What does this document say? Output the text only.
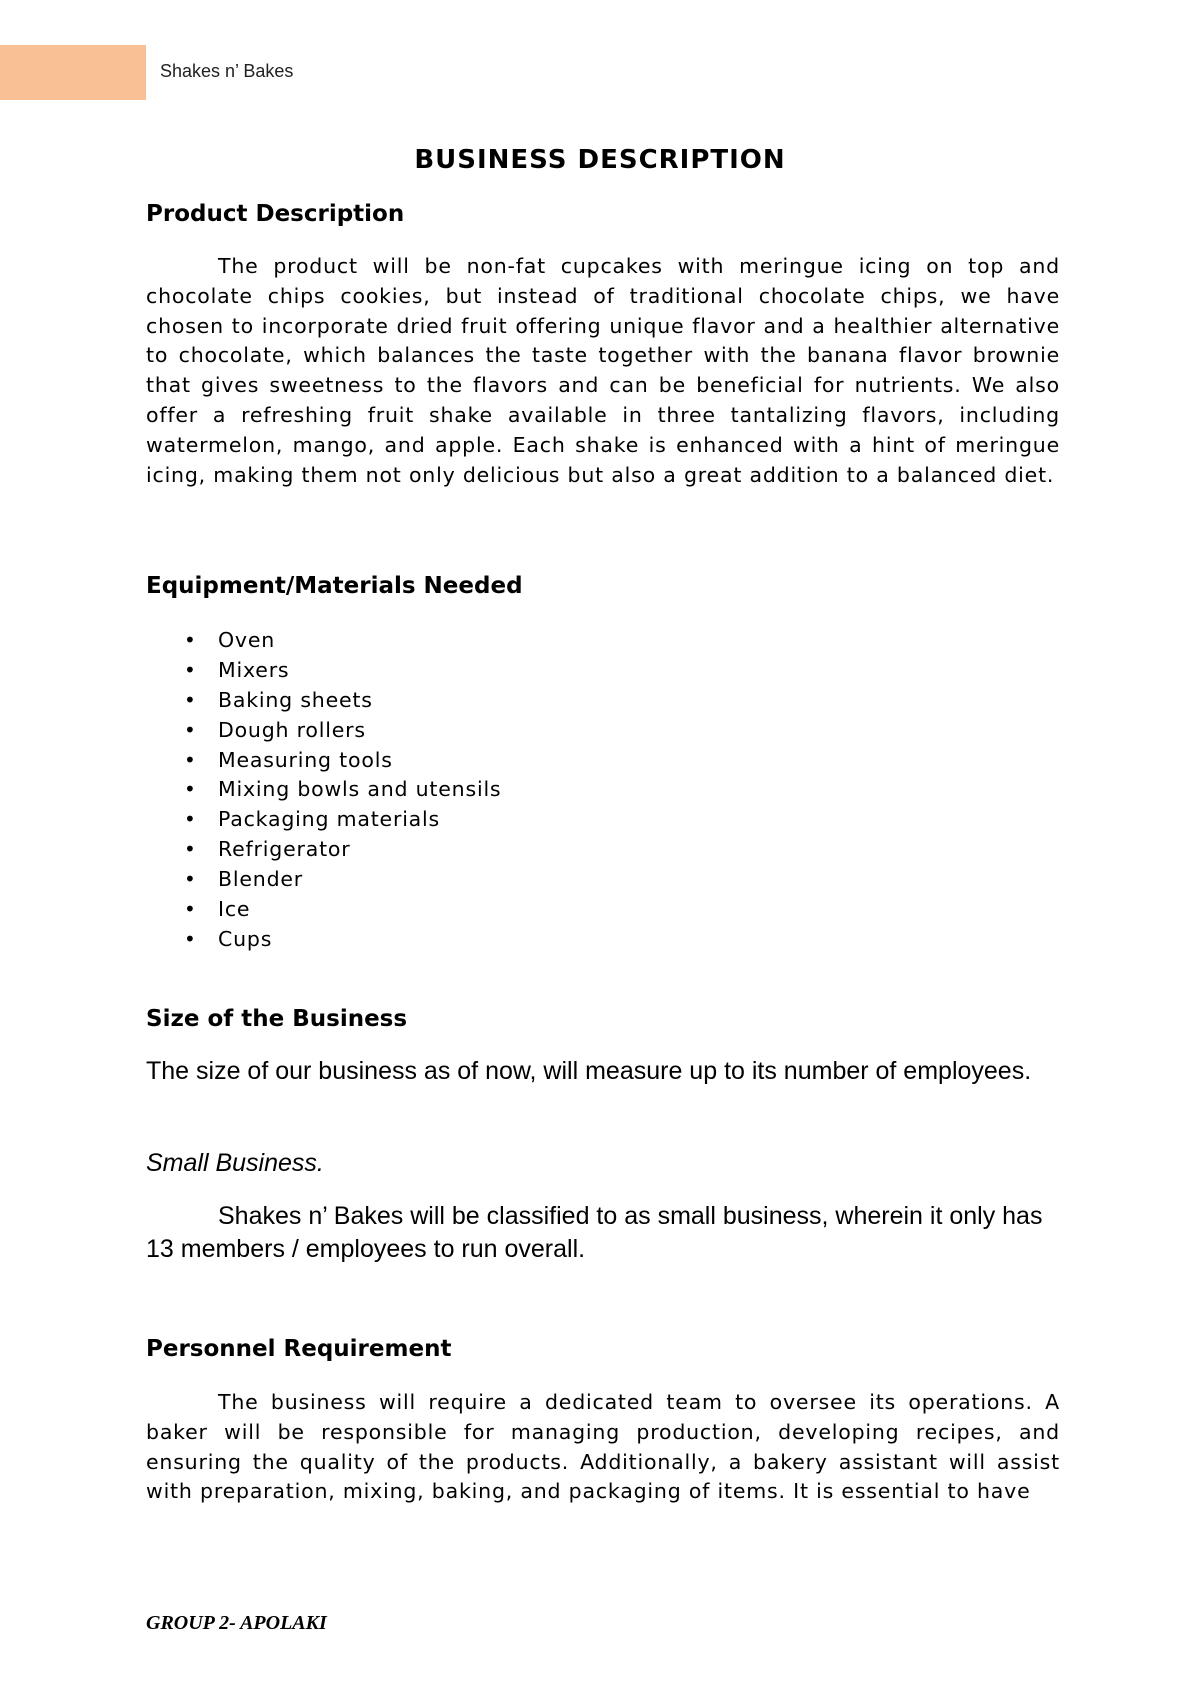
Shakes n’ Bakes
BUSINESS DESCRIPTION
Product Description

The product will be non-fat cupcakes with meringue icing on top and chocolate chips cookies, but instead of traditional chocolate chips, we have chosen to incorporate dried fruit offering unique flavor and a healthier alternative to chocolate, which balances the taste together with the banana flavor brownie that gives sweetness to the flavors and can be beneficial for nutrients. We also offer a refreshing fruit shake available in three tantalizing flavors, including watermelon, mango, and apple. Each shake is enhanced with a hint of meringue icing, making them not only delicious but also a great addition to a balanced diet.

Equipment/Materials Needed
• Oven
• Mixers
• Baking sheets
• Dough rollers
• Measuring tools
• Mixing bowls and utensils
• Packaging materials
• Refrigerator
• Blender
• Ice
• Cups
Size of the Business

The size of our business as of now, will measure up to its number of employees.

Small Business.

Shakes n’ Bakes will be classified to as small business, wherein it only has 13 members / employees to run overall.

Personnel Requirement

The business will require a dedicated team to oversee its operations. A baker will be responsible for managing production, developing recipes, and ensuring the quality of the products. Additionally, a bakery assistant will assist with preparation, mixing, baking, and packaging of items. It is essential to have

GROUP 2- APOLAKI
